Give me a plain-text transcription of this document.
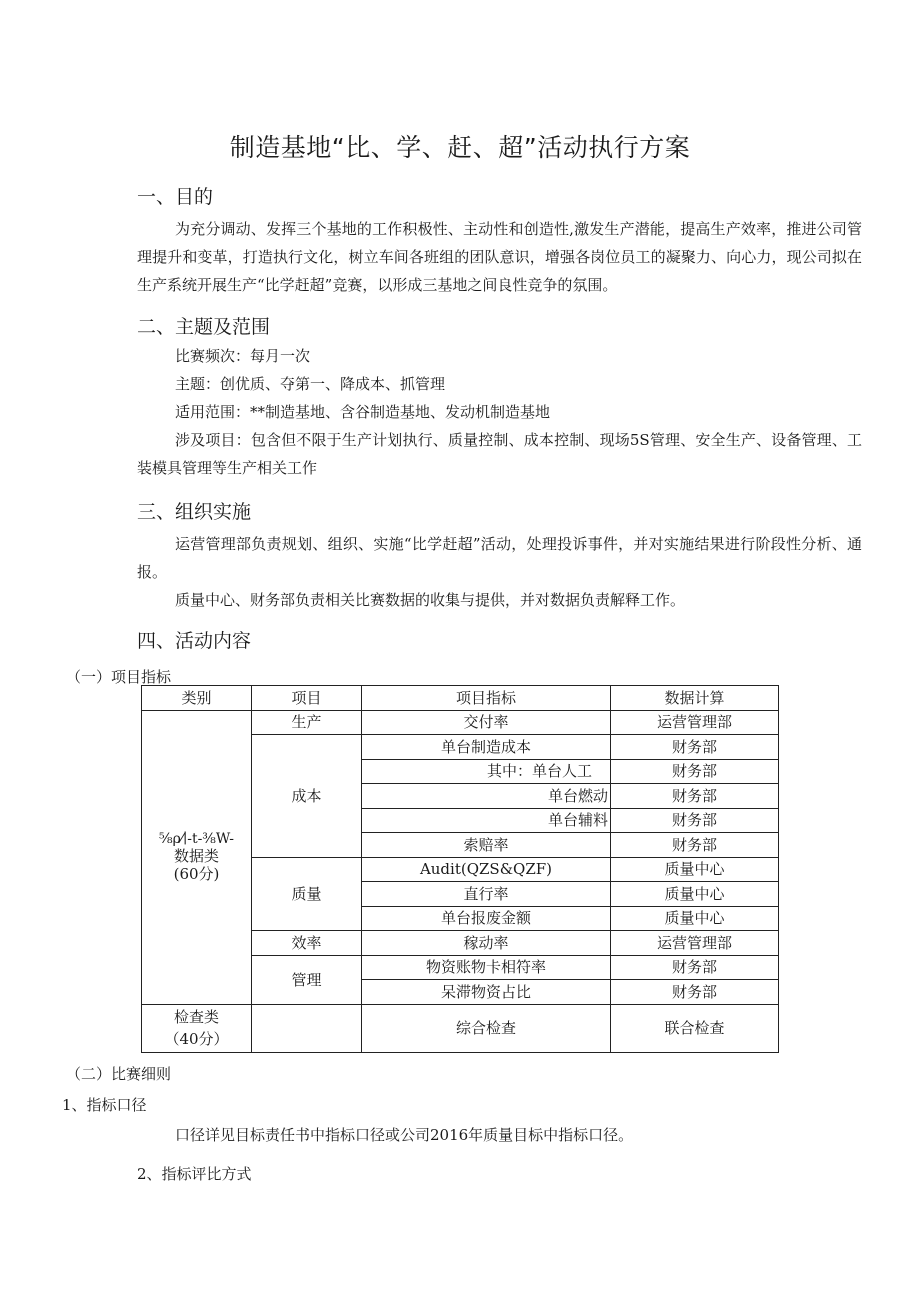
制造基地“比、学、赶、超”活动执行方案
一、目的
为充分调动、发挥三个基地的工作积极性、主动性和创造性,激发生产潜能，提高生产效率，推进公司管理提升和变革，打造执行文化，树立车间各班组的团队意识，增强各岗位员工的凝聚力、向心力，现公司拟在生产系统开展生产“比学赶超”竞赛，以形成三基地之间良性竞争的氛围。
二、主题及范围
比赛频次：每月一次
主题：创优质、夺第一、降成本、抓管理
适用范围：**制造基地、含谷制造基地、发动机制造基地
涉及项目：包含但不限于生产计划执行、质量控制、成本控制、现场5S管理、安全生产、设备管理、工装模具管理等生产相关工作
三、组织实施
运营管理部负责规划、组织、实施“比学赶超”活动，处理投诉事件，并对实施结果进行阶段性分析、通报。
质量中心、财务部负责相关比赛数据的收集与提供，并对数据负责解释工作。
四、活动内容
（一）项目指标
类别	项目	项目指标	数据计算

⅝ρ⁄∣-t-⅜W-
数据类
(60分)	生产	交付率	运营管理部
	成本	单台制造成本	财务部
		其中：单台人工	财务部
		单台燃动	财务部
		单台辅料	财务部
		索赔率	财务部
	质量	Audit(QZS&QZF)	质量中心
		直行率	质量中心
		单台报废金额	质量中心
	效率	稼动率	运营管理部
	管理	物资账物卡相符率	财务部
		呆滞物资占比	财务部

检查类
（40分）		综合检查	联合检查
（二）比赛细则
1、指标口径
口径详见目标责任书中指标口径或公司2016年质量目标中指标口径。
2、指标评比方式
